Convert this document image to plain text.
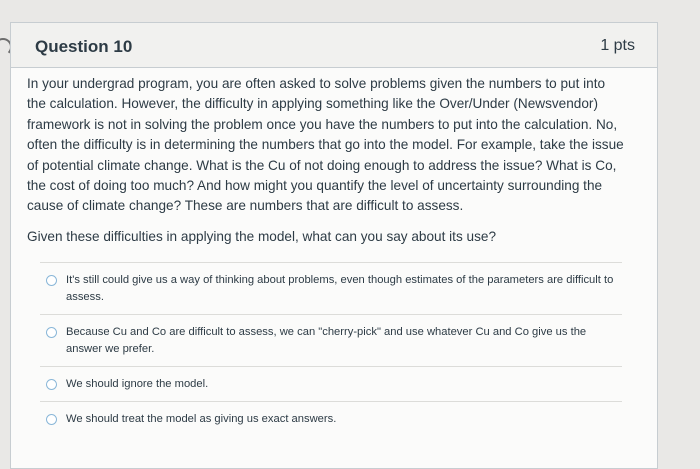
Question 10	1 pts

In your undergrad program, you are often asked to solve problems given the numbers to put into the calculation. However, the difficulty in applying something like the Over/Under (Newsvendor) framework is not in solving the problem once you have the numbers to put into the calculation. No, often the difficulty is in determining the numbers that go into the model. For example, take the issue of potential climate change. What is the Cu of not doing enough to address the issue? What is Co, the cost of doing too much? And how might you quantify the level of uncertainty surrounding the cause of climate change? These are numbers that are difficult to assess.

Given these difficulties in applying the model, what can you say about its use?

It's still could give us a way of thinking about problems, even though estimates of the parameters are difficult to assess.
Because Cu and Co are difficult to assess, we can "cherry-pick" and use whatever Cu and Co give us the answer we prefer.
We should ignore the model.
We should treat the model as giving us exact answers.
